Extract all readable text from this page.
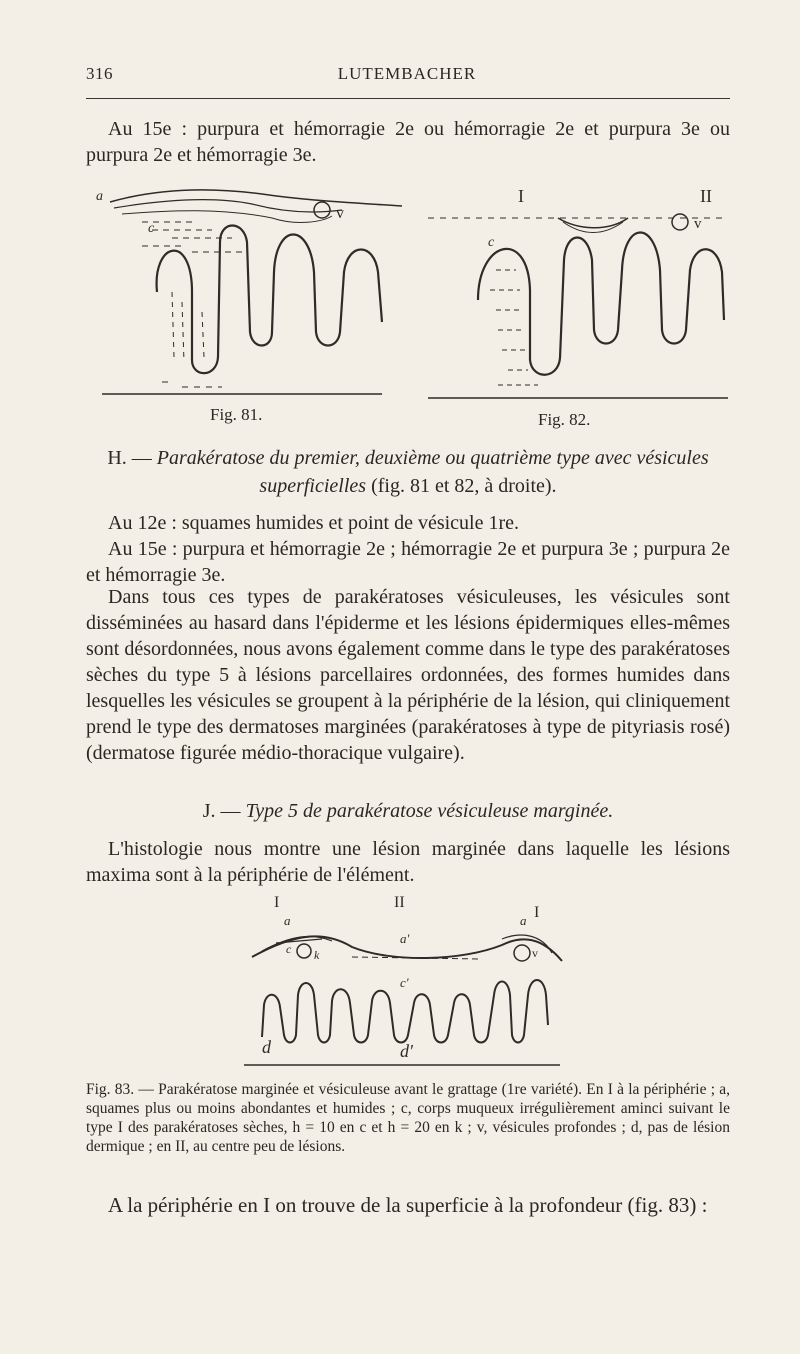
316	LUTEMBACHER

Au 15e : purpura et hémorragie 2e ou hémorragie 2e et purpura 3e ou purpura 2e et hémorragie 3e.

a
c
v
Fig. 81.
I	II
c
v
Fig. 82.

H. — Parakératose du premier, deuxième ou quatrième type avec vésicules superficielles (fig. 81 et 82, à droite).

Au 12e : squames humides et point de vésicule 1re.

Au 15e : purpura et hémorragie 2e ; hémorragie 2e et purpura 3e ; purpura 2e et hémorragie 3e.

Dans tous ces types de parakératoses vésiculeuses, les vésicules sont disséminées au hasard dans l'épiderme et les lésions épidermiques elles-mêmes sont désordonnées, nous avons également comme dans le type des parakératoses sèches du type 5 à lésions parcellaires ordonnées, des formes humides dans lesquelles les vésicules se groupent à la périphérie de la lésion, qui cliniquement prend le type des dermatoses marginées (parakératoses à type de pityriasis rosé) (dermatose figurée médio-thoracique vulgaire).

J. — Type 5 de parakératose vésiculeuse marginée.

L'histologie nous montre une lésion marginée dans laquelle les lésions maxima sont à la périphérie de l'élément.

I	II
I
a
a'
a
c k	v
c'
d	d'

Fig. 83. — Parakératose marginée et vésiculeuse avant le grattage (1re variété). En I à la périphérie ; a, squames plus ou moins abondantes et humides ; c, corps muqueux irrégulièrement aminci suivant le type I des parakératoses sèches, h = 10 en c et h = 20 en k ; v, vésicules profondes ; d, pas de lésion dermique ; en II, au centre peu de lésions.

A la périphérie en I on trouve de la superficie à la profondeur (fig. 83) :
